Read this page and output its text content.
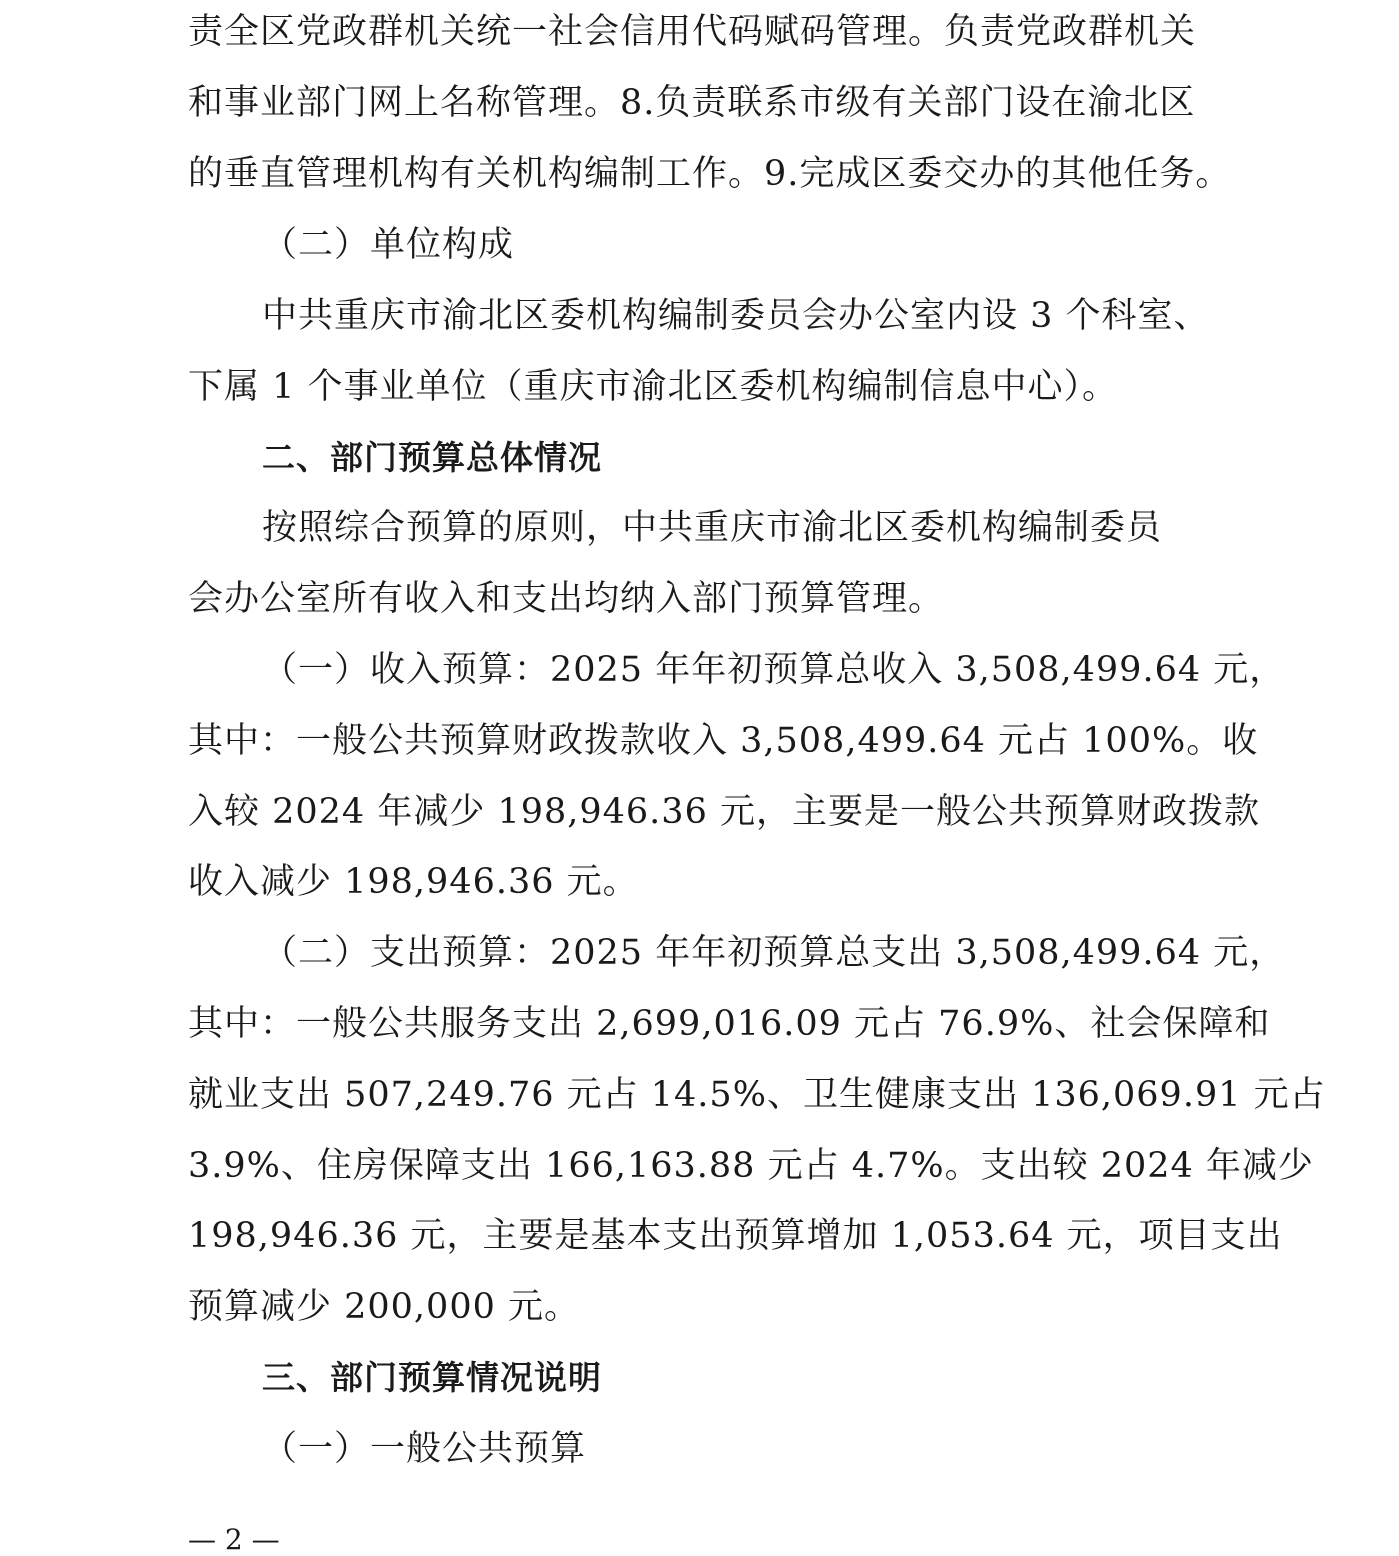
责全区党政群机关统一社会信用代码赋码管理。负责党政群机关
和事业部门网上名称管理。8.负责联系市级有关部门设在渝北区
的垂直管理机构有关机构编制工作。9.完成区委交办的其他任务。
（二）单位构成
中共重庆市渝北区委机构编制委员会办公室内设 3 个科室、
下属 1 个事业单位（重庆市渝北区委机构编制信息中心）。
二、部门预算总体情况
按照综合预算的原则，中共重庆市渝北区委机构编制委员
会办公室所有收入和支出均纳入部门预算管理。
（一）收入预算：2025 年年初预算总收入 3,508,499.64 元，
其中：一般公共预算财政拨款收入 3,508,499.64 元占 100%。收
入较 2024 年减少 198,946.36 元，主要是一般公共预算财政拨款
收入减少 198,946.36 元。
（二）支出预算：2025 年年初预算总支出 3,508,499.64 元，
其中：一般公共服务支出 2,699,016.09 元占 76.9%、社会保障和
就业支出 507,249.76 元占 14.5%、卫生健康支出 136,069.91 元占
3.9%、住房保障支出 166,163.88 元占 4.7%。支出较 2024 年减少
198,946.36 元，主要是基本支出预算增加 1,053.64 元，项目支出
预算减少 200,000 元。
三、部门预算情况说明
（一）一般公共预算
— 2 —
